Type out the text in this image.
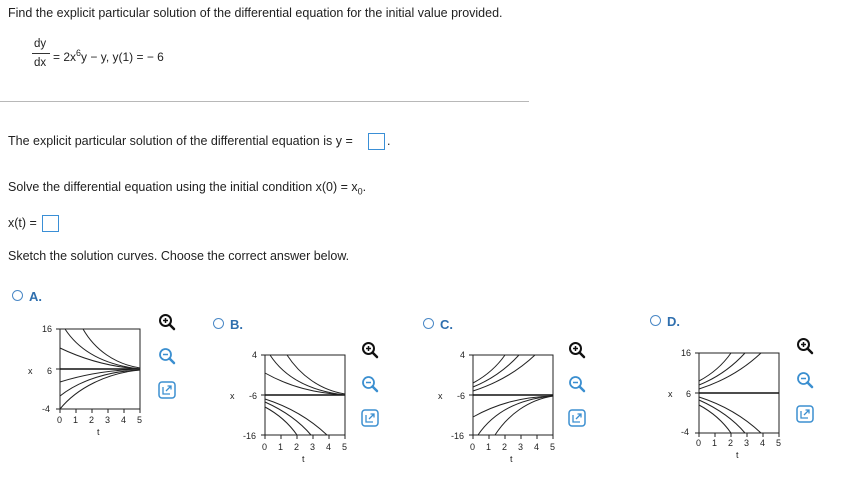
Find the explicit particular solution of the differential equation for the initial value provided.
dy
dx = $2x^6y - y$, y(1) = − 6
The explicit particular solution of the differential equation is y =	.
Solve the differential equation using the initial condition $x(0) = x_0$.
x(t) =
Sketch the solution curves. Choose the correct answer below.
A.
16
6
-4
x
0 1 2 3 4 5
t
B.
4
-6
-16
x
0 1 2 3 4 5
t
C.
4
-6
-16
x
0 1 2 3 4 5
t
D.
16
6
-4
x
0 1 2 3 4 5
t
